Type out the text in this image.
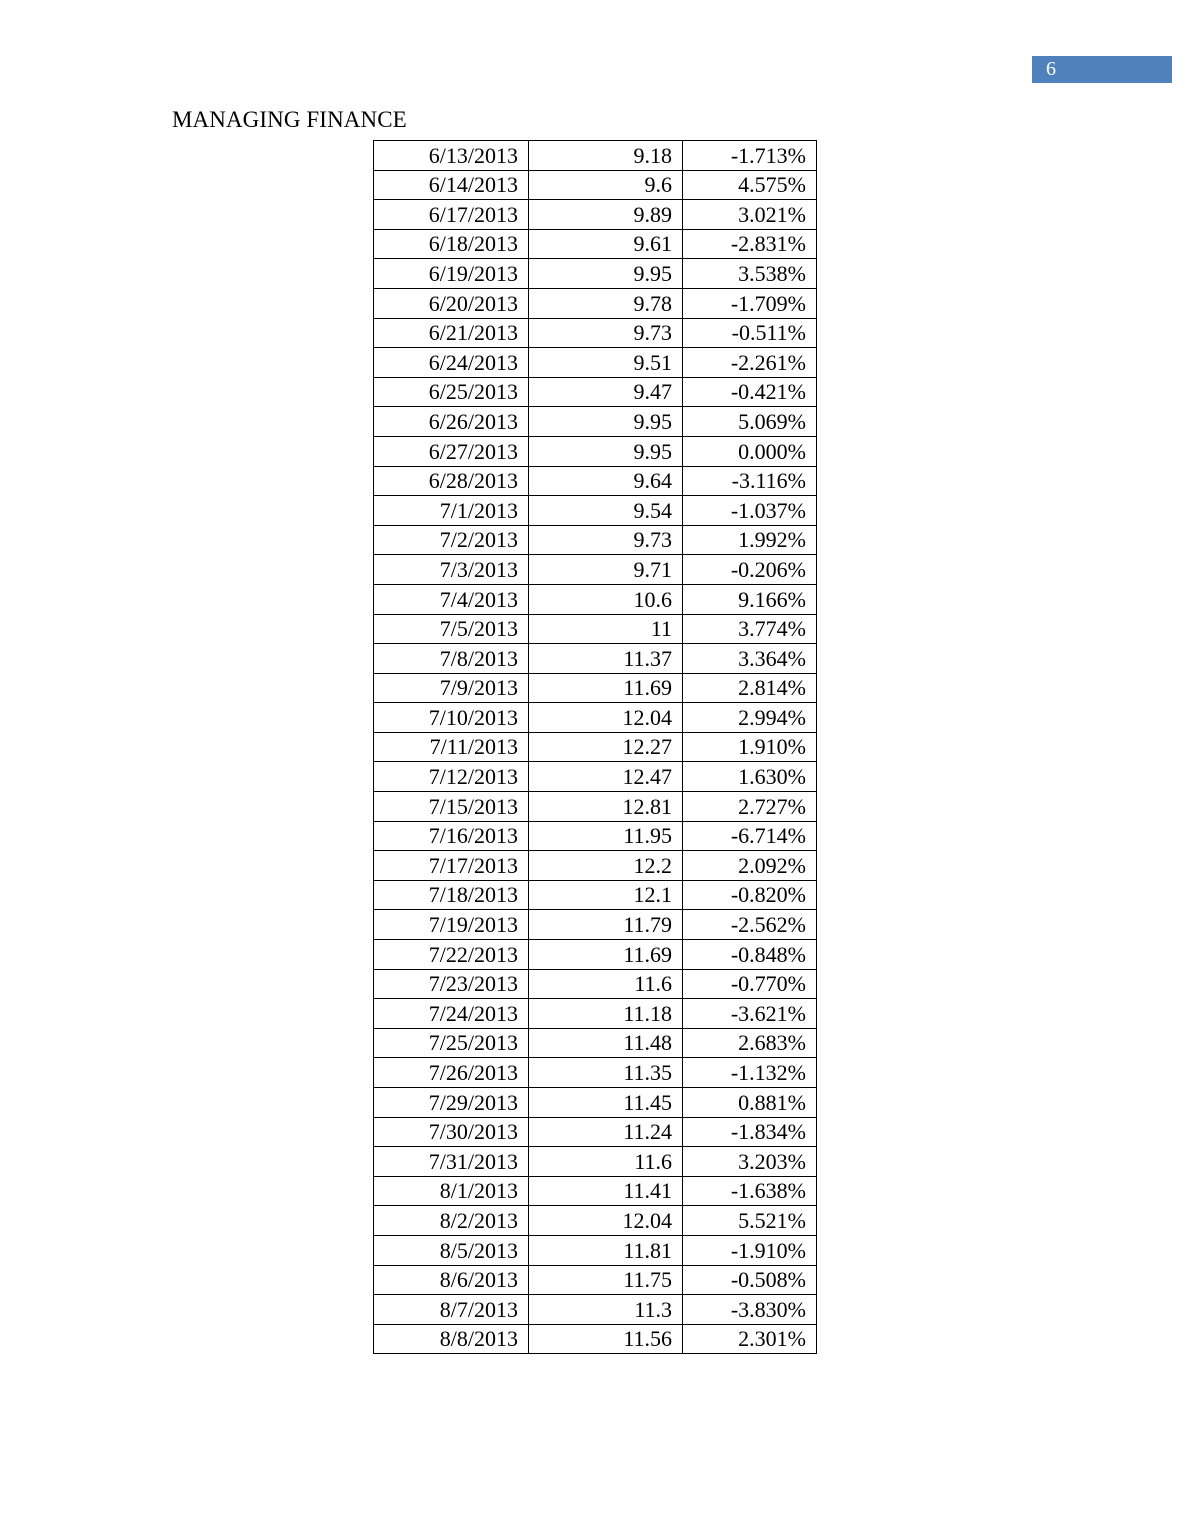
6
MANAGING FINANCE
6/13/2013	9.18	-1.713%
6/14/2013	9.6	4.575%
6/17/2013	9.89	3.021%
6/18/2013	9.61	-2.831%
6/19/2013	9.95	3.538%
6/20/2013	9.78	-1.709%
6/21/2013	9.73	-0.511%
6/24/2013	9.51	-2.261%
6/25/2013	9.47	-0.421%
6/26/2013	9.95	5.069%
6/27/2013	9.95	0.000%
6/28/2013	9.64	-3.116%
7/1/2013	9.54	-1.037%
7/2/2013	9.73	1.992%
7/3/2013	9.71	-0.206%
7/4/2013	10.6	9.166%
7/5/2013	11	3.774%
7/8/2013	11.37	3.364%
7/9/2013	11.69	2.814%
7/10/2013	12.04	2.994%
7/11/2013	12.27	1.910%
7/12/2013	12.47	1.630%
7/15/2013	12.81	2.727%
7/16/2013	11.95	-6.714%
7/17/2013	12.2	2.092%
7/18/2013	12.1	-0.820%
7/19/2013	11.79	-2.562%
7/22/2013	11.69	-0.848%
7/23/2013	11.6	-0.770%
7/24/2013	11.18	-3.621%
7/25/2013	11.48	2.683%
7/26/2013	11.35	-1.132%
7/29/2013	11.45	0.881%
7/30/2013	11.24	-1.834%
7/31/2013	11.6	3.203%
8/1/2013	11.41	-1.638%
8/2/2013	12.04	5.521%
8/5/2013	11.81	-1.910%
8/6/2013	11.75	-0.508%
8/7/2013	11.3	-3.830%
8/8/2013	11.56	2.301%
